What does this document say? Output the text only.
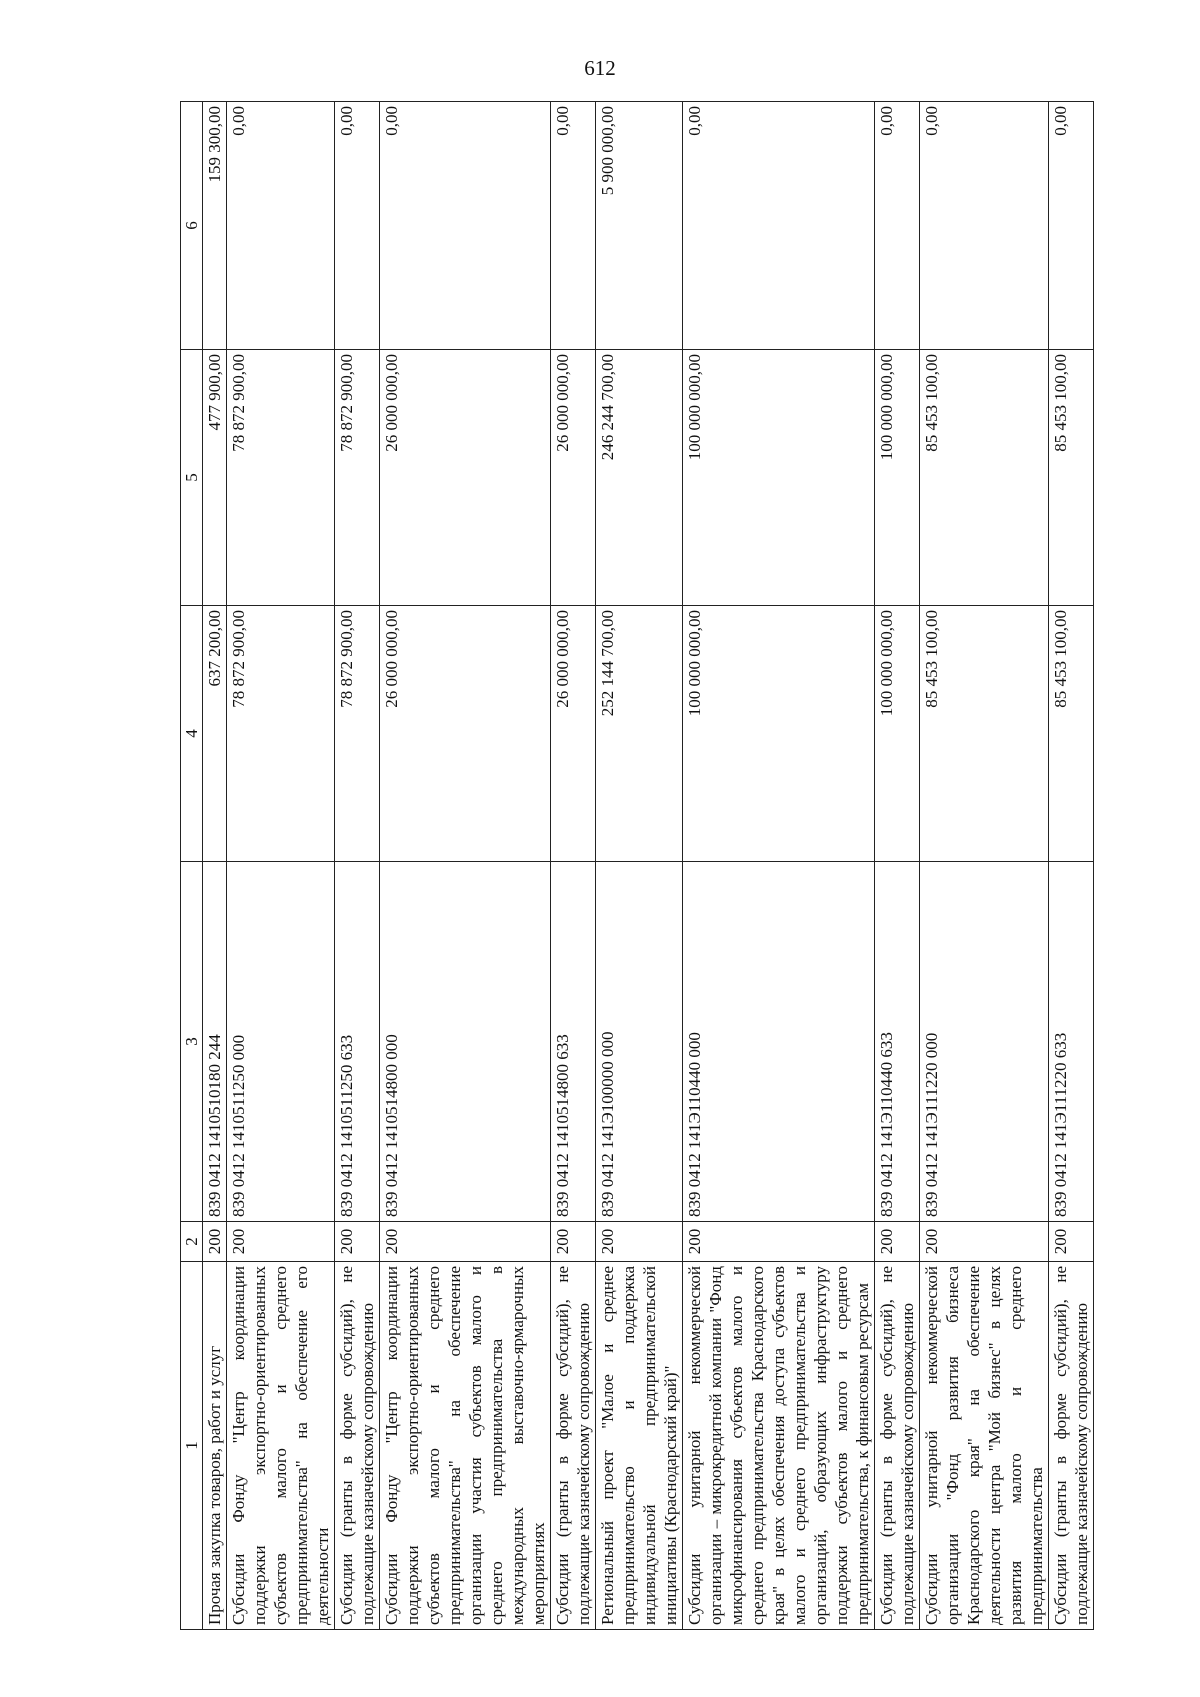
612
1	2	3	4	5	6
Прочая закупка товаров, работ и услуг	200	839 0412 1410510180 244	637 200,00	477 900,00	159 300,00
Субсидии Фонду "Центр координации поддержки экспортно-ориентированных субъектов малого и среднего предпринимательства" на обеспечение его деятельности	200	839 0412 1410511250 000	78 872 900,00	78 872 900,00	0,00
Субсидии (гранты в форме субсидий), не подлежащие казначейскому сопровождению	200	839 0412 1410511250 633	78 872 900,00	78 872 900,00	0,00
Субсидии Фонду "Центр координации поддержки экспортно-ориентированных субъектов малого и среднего предпринимательства" на обеспечение организации участия субъектов малого и среднего предпринимательства в международных выставочно-ярмарочных мероприятиях	200	839 0412 1410514800 000	26 000 000,00	26 000 000,00	0,00
Субсидии (гранты в форме субсидий), не подлежащие казначейскому сопровождению	200	839 0412 1410514800 633	26 000 000,00	26 000 000,00	0,00
Региональный проект "Малое и среднее предпринимательство и поддержка индивидуальной предпринимательской инициативы (Краснодарский край)"	200	839 0412 141Э100000 000	252 144 700,00	246 244 700,00	5 900 000,00
Субсидии унитарной некоммерческой организации – микрокредитной компании "Фонд микрофинансирования субъектов малого и среднего предпринимательства Краснодарского края" в целях обеспечения доступа субъектов малого и среднего предпринимательства и организаций, образующих инфраструктуру поддержки субъектов малого и среднего предпринимательства, к финансовым ресурсам	200	839 0412 141Э110440 000	100 000 000,00	100 000 000,00	0,00
Субсидии (гранты в форме субсидий), не подлежащие казначейскому сопровождению	200	839 0412 141Э110440 633	100 000 000,00	100 000 000,00	0,00
Субсидии унитарной некоммерческой организации "Фонд развития бизнеса Краснодарского края" на обеспечение деятельности центра "Мой бизнес" в целях развития малого и среднего предпринимательства	200	839 0412 141Э111220 000	85 453 100,00	85 453 100,00	0,00
Субсидии (гранты в форме субсидий), не подлежащие казначейскому сопровождению	200	839 0412 141Э111220 633	85 453 100,00	85 453 100,00	0,00
